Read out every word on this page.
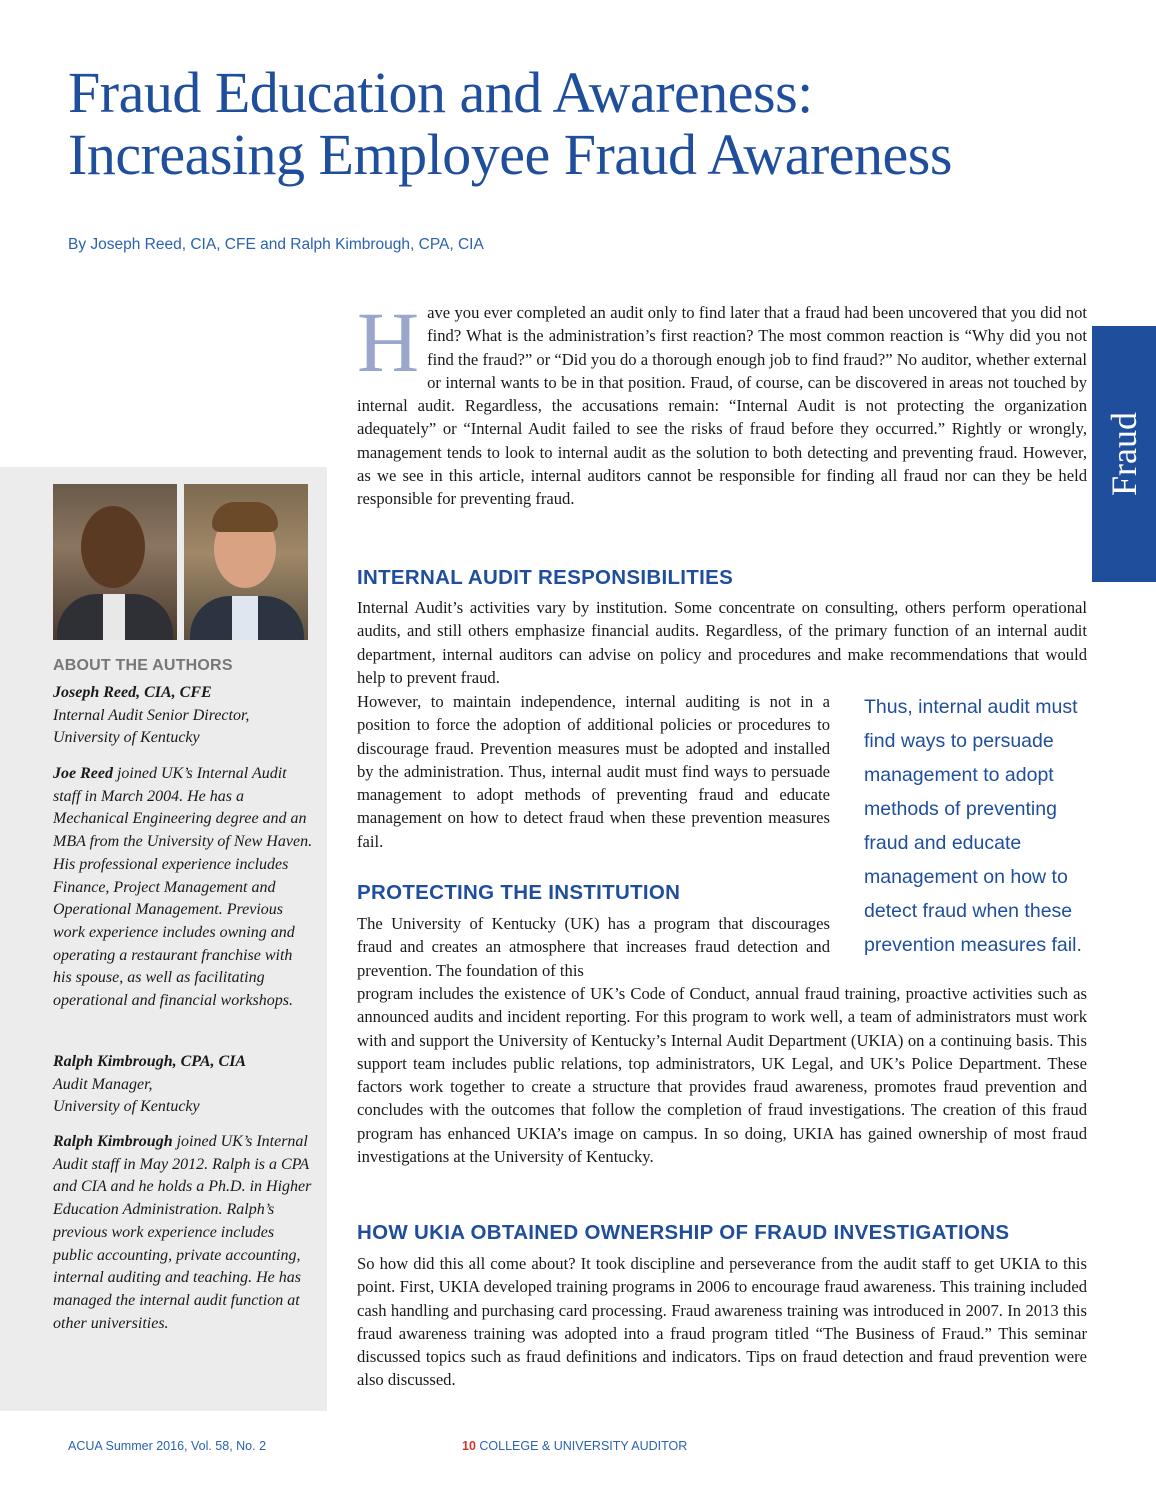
Fraud Education and Awareness:
Increasing Employee Fraud Awareness
By Joseph Reed, CIA, CFE and Ralph Kimbrough, CPA, CIA
Fraud
ABOUT THE AUTHORS
Joseph Reed, CIA, CFE
Internal Audit Senior Director,
University of Kentucky
Joe Reed joined UK’s Internal Audit staff in March 2004. He has a Mechanical Engineering degree and an MBA from the University of New Haven. His professional experience includes Finance, Project Management and Operational Management. Previous work experience includes owning and operating a restaurant franchise with his spouse, as well as facilitating operational and financial workshops.
Ralph Kimbrough, CPA, CIA
Audit Manager,
University of Kentucky
Ralph Kimbrough joined UK’s Internal Audit staff in May 2012. Ralph is a CPA and CIA and he holds a Ph.D. in Higher Education Administration. Ralph’s previous work experience includes public accounting, private accounting, internal auditing and teaching. He has managed the internal audit function at other universities.
Have you ever completed an audit only to find later that a fraud had been uncovered that you did not find? What is the administration’s first reaction? The most common reaction is “Why did you not find the fraud?” or “Did you do a thorough enough job to find fraud?” No auditor, whether external or internal wants to be in that position. Fraud, of course, can be discovered in areas not touched by internal audit. Regardless, the accusations remain: “Internal Audit is not protecting the organization adequately” or “Internal Audit failed to see the risks of fraud before they occurred.” Rightly or wrongly, management tends to look to internal audit as the solution to both detecting and preventing fraud. However, as we see in this article, internal auditors cannot be responsible for finding all fraud nor can they be held responsible for preventing fraud.
INTERNAL AUDIT RESPONSIBILITIES

Internal Audit’s activities vary by institution. Some concentrate on consulting, others perform operational audits, and still others emphasize financial audits. Regardless, of the primary function of an internal audit department, internal auditors can advise on policy and procedures and make recommendations that would help to prevent fraud.

However, to maintain independence, internal auditing is not in a position to force the adoption of additional policies or procedures to discourage fraud. Prevention measures must be adopted and installed by the administration. Thus, internal audit must find ways to persuade management to adopt methods of preventing fraud and educate management on how to detect fraud when these prevention measures fail.

Thus, internal audit must find ways to persuade management to adopt methods of preventing fraud and educate management on how to detect fraud when these prevention measures fail.
PROTECTING THE INSTITUTION

The University of Kentucky (UK) has a program that discourages fraud and creates an atmosphere that increases fraud detection and prevention. The foundation of this

program includes the existence of UK’s Code of Conduct, annual fraud training, proactive activities such as announced audits and incident reporting. For this program to work well, a team of administrators must work with and support the University of Kentucky’s Internal Audit Department (UKIA) on a continuing basis. This support team includes public relations, top administrators, UK Legal, and UK’s Police Department. These factors work together to create a structure that provides fraud awareness, promotes fraud prevention and concludes with the outcomes that follow the completion of fraud investigations. The creation of this fraud program has enhanced UKIA’s image on campus. In so doing, UKIA has gained ownership of most fraud investigations at the University of Kentucky.

HOW UKIA OBTAINED OWNERSHIP OF FRAUD INVESTIGATIONS

So how did this all come about? It took discipline and perseverance from the audit staff to get UKIA to this point. First, UKIA developed training programs in 2006 to encourage fraud awareness. This training included cash handling and purchasing card processing. Fraud awareness training was introduced in 2007. In 2013 this fraud awareness training was adopted into a fraud program titled “The Business of Fraud.” This seminar discussed topics such as fraud definitions and indicators. Tips on fraud detection and fraud prevention were also discussed.

ACUA Summer 2016, Vol. 58, No. 2	10 COLLEGE & UNIVERSITY AUDITOR
